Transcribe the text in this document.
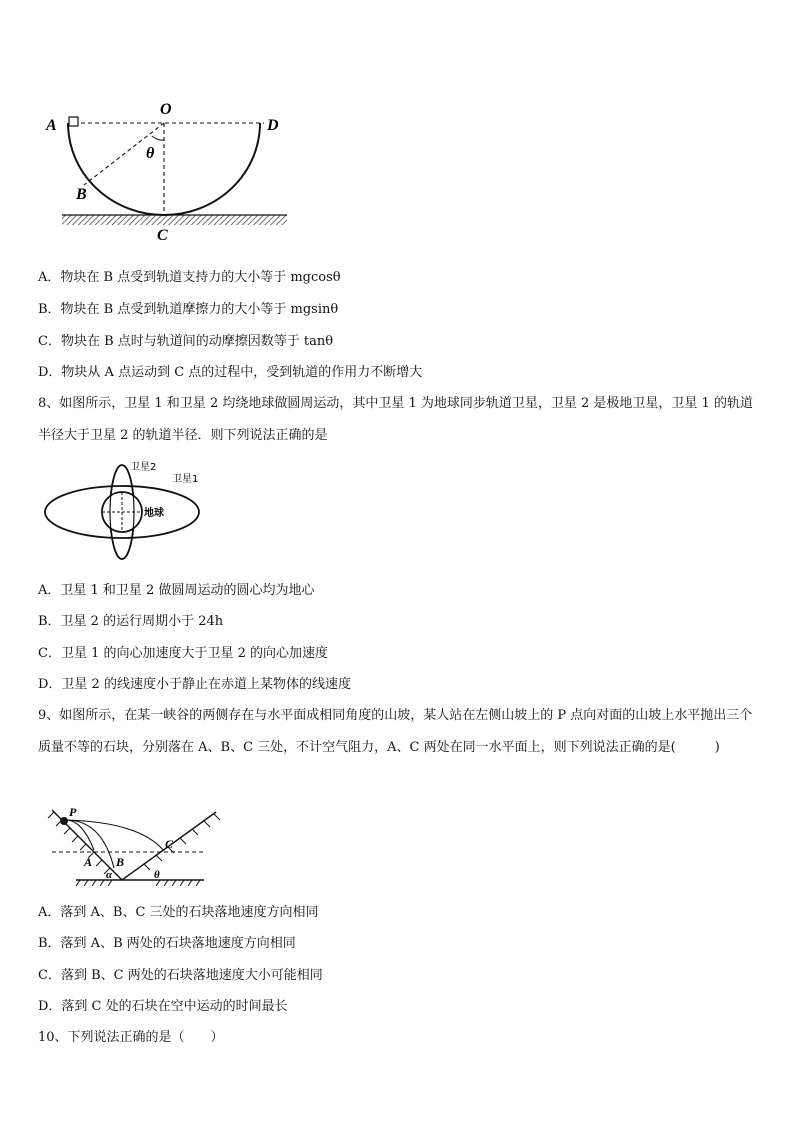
O
A	D
θ
B
C
A．物块在 B 点受到轨道支持力的大小等于 mgcosθ
B．物块在 B 点受到轨道摩擦力的大小等于 mgsinθ
C．物块在 B 点时与轨道间的动摩擦因数等于 tanθ
D．物块从 A 点运动到 C 点的过程中，受到轨道的作用力不断增大
8、如图所示，卫星 1 和卫星 2 均绕地球做圆周运动，其中卫星 1 为地球同步轨道卫星，卫星 2 是极地卫星，卫星 1 的轨道半径大于卫星 2 的轨道半径．则下列说法正确的是
卫星2
卫星1
地球
A．卫星 1 和卫星 2 做圆周运动的圆心均为地心
B．卫星 2 的运行周期小于 24h
C．卫星 1 的向心加速度大于卫星 2 的向心加速度
D．卫星 2 的线速度小于静止在赤道上某物体的线速度
9、如图所示，在某一峡谷的两侧存在与水平面成相同角度的山坡，某人站在左侧山坡上的 P 点向对面的山坡上水平抛出三个质量不等的石块，分别落在 A、B、C 三处，不计空气阻力，A、C 两处在同一水平面上，则下列说法正确的是(　　　)
P
A B
C
α	θ
A．落到 A、B、C 三处的石块落地速度方向相同
B．落到 A、B 两处的石块落地速度方向相同
C．落到 B、C 两处的石块落地速度大小可能相同
D．落到 C 处的石块在空中运动的时间最长
10、下列说法正确的是（　　）
